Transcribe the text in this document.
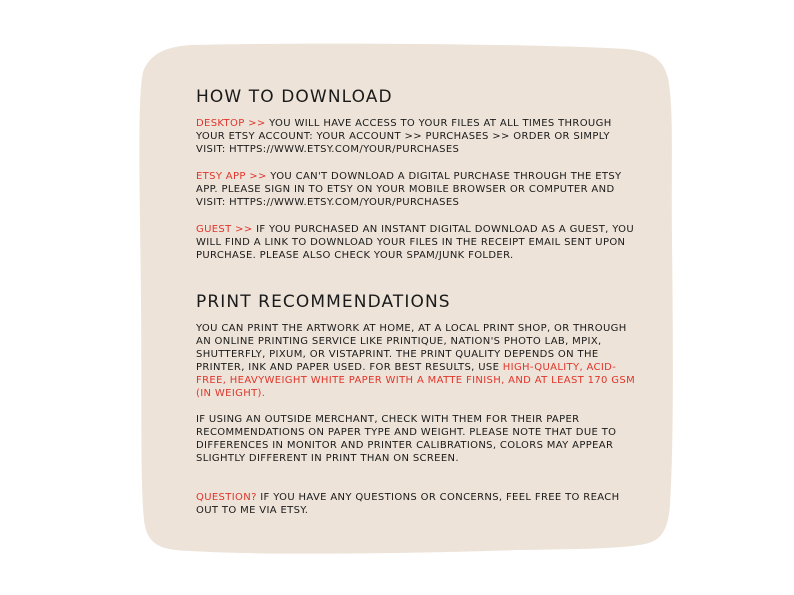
HOW TO DOWNLOAD

DESKTOP >> YOU WILL HAVE ACCESS TO YOUR FILES AT ALL TIMES THROUGH YOUR ETSY ACCOUNT: YOUR ACCOUNT >> PURCHASES >> ORDER OR SIMPLY VISIT: HTTPS://WWW.ETSY.COM/YOUR/PURCHASES

ETSY APP >> YOU CAN'T DOWNLOAD A DIGITAL PURCHASE THROUGH THE ETSY APP. PLEASE SIGN IN TO ETSY ON YOUR MOBILE BROWSER OR COMPUTER AND VISIT: HTTPS://WWW.ETSY.COM/YOUR/PURCHASES

GUEST >> IF YOU PURCHASED AN INSTANT DIGITAL DOWNLOAD AS A GUEST, YOU WILL FIND A LINK TO DOWNLOAD YOUR FILES IN THE RECEIPT EMAIL SENT UPON PURCHASE. PLEASE ALSO CHECK YOUR SPAM/JUNK FOLDER.

PRINT RECOMMENDATIONS

YOU CAN PRINT THE ARTWORK AT HOME, AT A LOCAL PRINT SHOP, OR THROUGH AN ONLINE PRINTING SERVICE LIKE PRINTIQUE, NATION'S PHOTO LAB, MPIX, SHUTTERFLY, PIXUM, OR VISTAPRINT. THE PRINT QUALITY DEPENDS ON THE PRINTER, INK AND PAPER USED. FOR BEST RESULTS, USE HIGH-QUALITY, ACID-FREE, HEAVYWEIGHT WHITE PAPER WITH A MATTE FINISH, AND AT LEAST 170 GSM (IN WEIGHT).

IF USING AN OUTSIDE MERCHANT, CHECK WITH THEM FOR THEIR PAPER RECOMMENDATIONS ON PAPER TYPE AND WEIGHT. PLEASE NOTE THAT DUE TO DIFFERENCES IN MONITOR AND PRINTER CALIBRATIONS, COLORS MAY APPEAR SLIGHTLY DIFFERENT IN PRINT THAN ON SCREEN.

QUESTION? IF YOU HAVE ANY QUESTIONS OR CONCERNS, FEEL FREE TO REACH OUT TO ME VIA ETSY.
